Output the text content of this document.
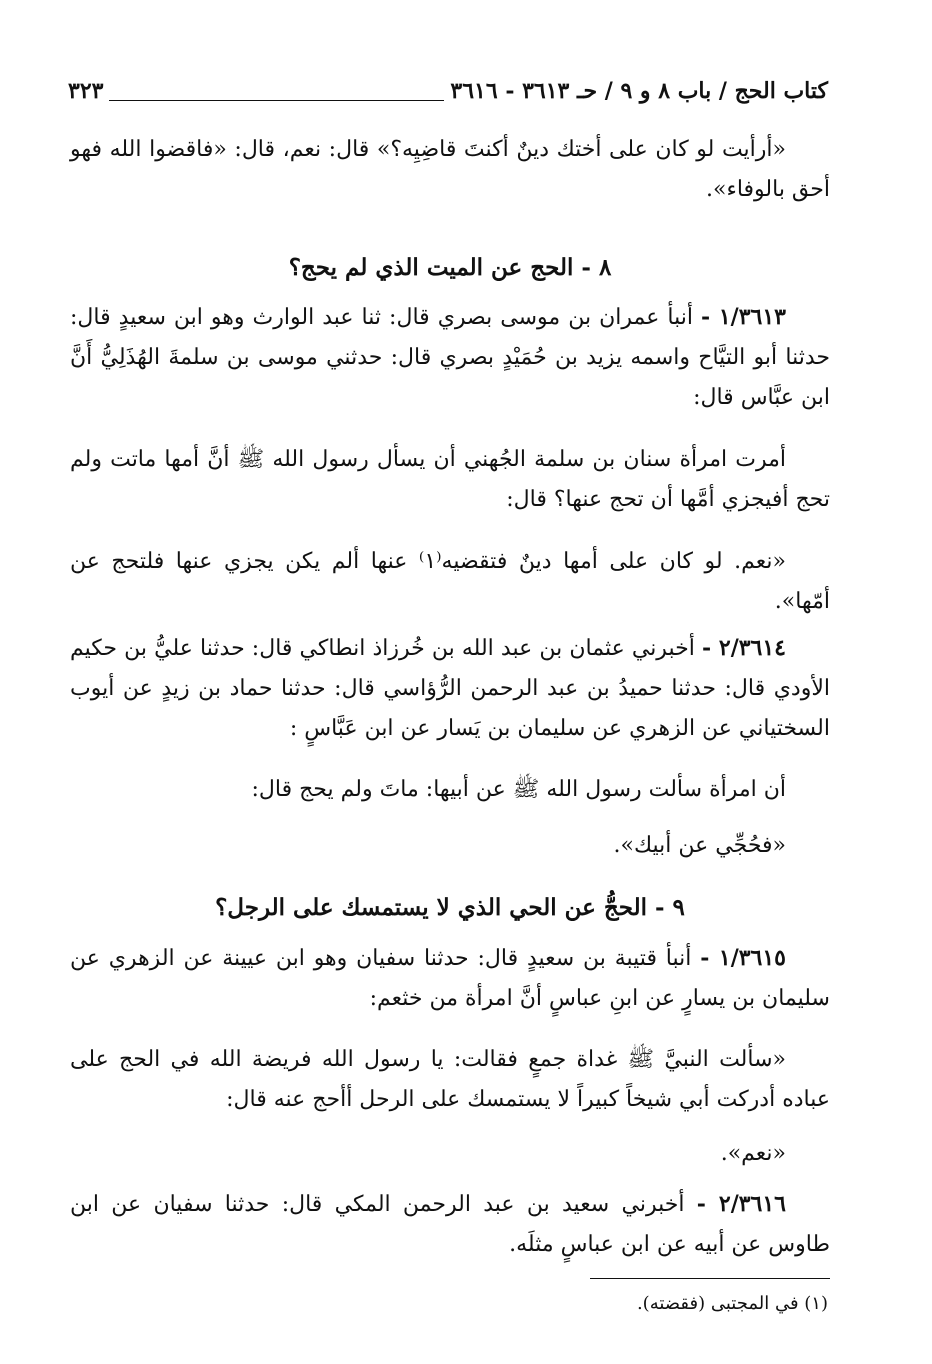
كتاب الحج / باب ٨ و ٩ / حـ ٣٦١٣ - ٣٦١٦
٣٢٣

«أرأيت لو كان على أختك دينٌ أكنتَ قاضِيِه؟» قال: نعم، قال: «فاقضوا الله فهو أحق بالوفاء».

٨ - الحج عن الميت الذي لم يحج؟

١/٣٦١٣ - أنبأ عمران بن موسى بصري قال: ثنا عبد الوارث وهو ابن سعيدٍ قال: حدثنا أبو التيَّاح واسمه يزيد بن حُمَيْدٍ بصري قال: حدثني موسى بن سلمةَ الهُذَلِيُّ أَنَّ ابن عبَّاس قال:

أمرت امرأة سنان بن سلمة الجُهني أن يسأل رسول الله ﷺ أنَّ أمها ماتت ولم تحج أفيجزي أمَّها أن تحج عنها؟ قال:

«نعم. لو كان على أمها دينٌ فتقضيه⁽١⁾ عنها ألم يكن يجزي عنها فلتحج عن أمّها».

٢/٣٦١٤ - أخبرني عثمان بن عبد الله بن خُرزاذ انطاكي قال: حدثنا عليُّ بن حكيم الأودي قال: حدثنا حميدُ بن عبد الرحمن الرُّؤاسي قال: حدثنا حماد بن زيدٍ عن أيوب السختياني عن الزهري عن سليمان بن يَسار عن ابن عَبَّاسٍ :

أن امرأة سألت رسول الله ﷺ عن أبيها: ماتَ ولم يحج قال:

«فحُجِّي عن أبيك».

٩ - الحجُّ عن الحي الذي لا يستمسك على الرجل؟

١/٣٦١٥ - أنبأ قتيبة بن سعيدٍ قال: حدثنا سفيان وهو ابن عيينة عن الزهري عن سليمان بن يسارٍ عن ابنِ عباسٍ أنَّ امرأة من خثعم:

«سألت النبيَّ ﷺ غداة جمعٍ فقالت: يا رسول الله فريضة الله في الحج على عباده أدركت أبي شيخاً كبيراً لا يستمسك على الرحل أأحج عنه قال:

«نعم».

٢/٣٦١٦ - أخبرني سعيد بن عبد الرحمن المكي قال: حدثنا سفيان عن ابن طاوس عن أبيه عن ابن عباسٍ مثلَه.

(١) في المجتبى (فقضته).
